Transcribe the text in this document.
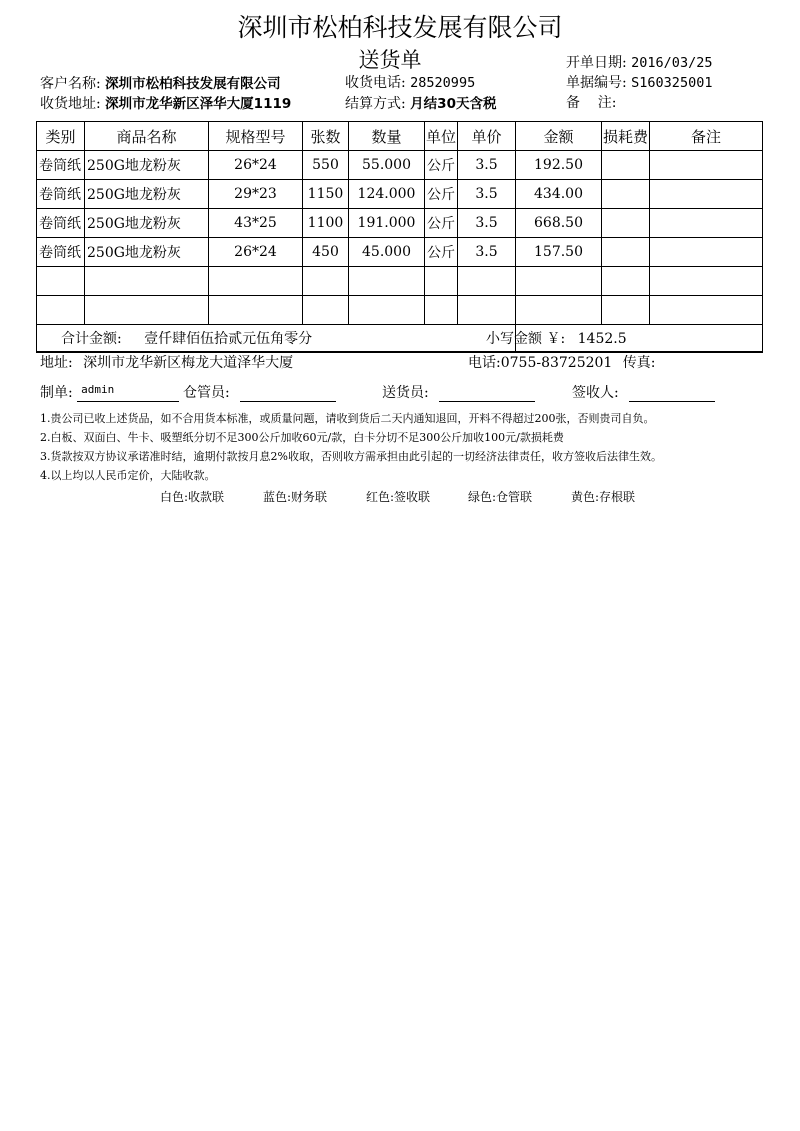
深圳市松柏科技发展有限公司
送货单	开单日期: 2016/03/25
客户名称: 深圳市松柏科技发展有限公司	收货电话: 28520995	单据编号: S160325001
收货地址: 深圳市龙华新区泽华大厦1119	结算方式: 月结30天含税	备    注:
类别	商品名称	规格型号	张数	数量	单位	单价	金额	损耗费	备注
卷筒纸	250G地龙粉灰	26*24	550	55.000	公斤	3.5	192.50		
卷筒纸	250G地龙粉灰	29*23	1150	124.000	公斤	3.5	434.00		
卷筒纸	250G地龙粉灰	43*25	1100	191.000	公斤	3.5	668.50		
卷筒纸	250G地龙粉灰	26*24	450	45.000	公斤	3.5	157.50		

合计金额: 壹仟肆佰伍拾贰元伍角零分							小写金额 ￥: 1452.5		
地址: 深圳市龙华新区梅龙大道泽华大厦	电话:0755-83725201 传真:
制单: admin	仓管员:	送货员:	签收人:
1.贵公司已收上述货品，如不合用货本标准，或质量问题，请收到货后二天内通知退回，开料不得超过200张，否则贵司自负。
2.白板、双面白、牛卡、吸塑纸分切不足300公斤加收60元/款，白卡分切不足300公斤加收100元/款损耗费
3.货款按双方协议承诺准时结，逾期付款按月息2%收取，否则收方需承担由此引起的一切经济法律责任，收方签收后法律生效。
4.以上均以人民币定价，大陆收款。
白色:收款联	蓝色:财务联	红色:签收联	绿色:仓管联	黄色:存根联
